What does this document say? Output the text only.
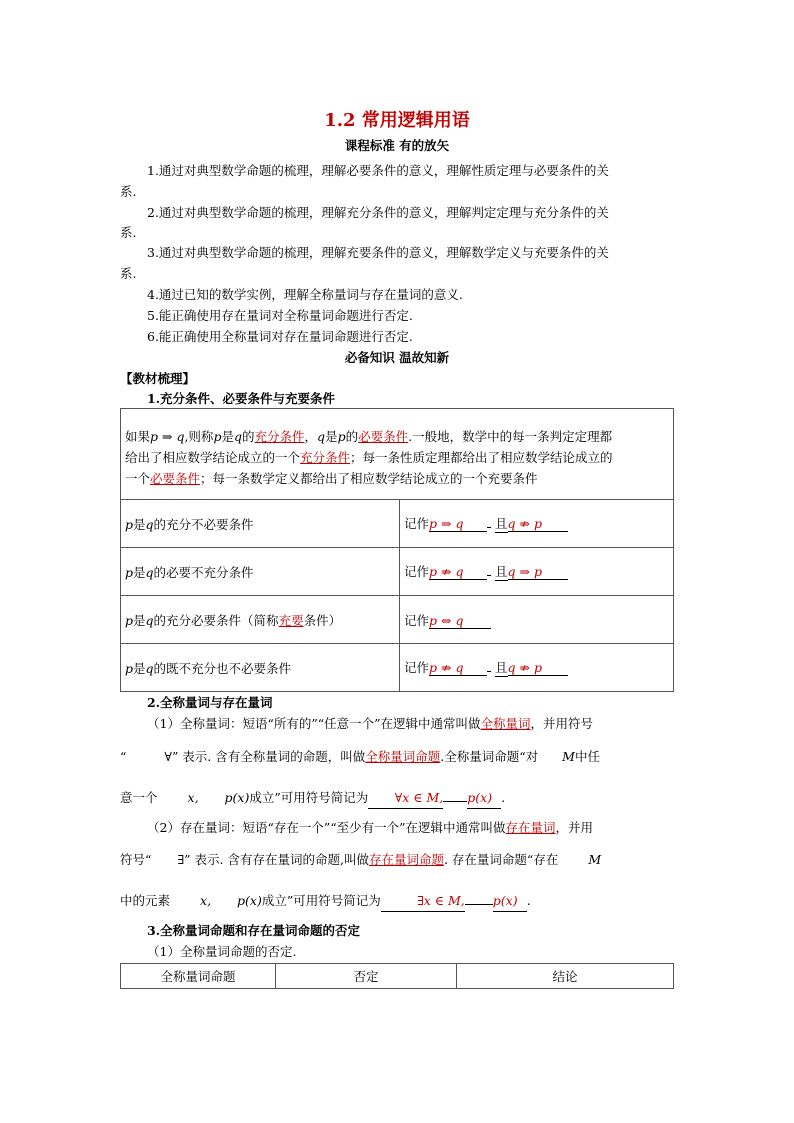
1.2 常用逻辑用语
课程标准 有的放矢
1.通过对典型数学命题的梳理，理解必要条件的意义，理解性质定理与必要条件的关
系.
2.通过对典型数学命题的梳理，理解充分条件的意义，理解判定定理与充分条件的关
系.
3.通过对典型数学命题的梳理，理解充要条件的意义，理解数学定义与充要条件的关
系.
4.通过已知的数学实例，理解全称量词与存在量词的意义.
5.能正确使用存在量词对全称量词命题进行否定.
6.能正确使用全称量词对存在量词命题进行否定.
必备知识 温故知新
【教材梳理】
1.充分条件、必要条件与充要条件
如果p ⇒ q,则称p是q的充分条件，q是p的必要条件.一般地，数学中的每一条判定定理都
给出了相应数学结论成立的一个充分条件；每一条性质定理都给出了相应数学结论成立的
一个必要条件；每一条数学定义都给出了相应数学结论成立的一个充要条件	

p是q的充分不必要条件	记作p ⇒ q 且q ⇏ p
p是q的必要不充分条件	记作p ⇏ q 且q ⇒ p
p是q的充分必要条件（简称充要条件）	记作p ⇔ q
p是q的既不充分也不必要条件	记作p ⇏ q 且q ⇏ p
2.全称量词与存在量词
（1）全称量词：短语“所有的”“任意一个”在逻辑中通常叫做全称量词，并用符号
“	∀” 表示. 含有全称量词的命题，叫做全称量词命题.全称量词命题“对 M中任
意一个 x, p(x)成立”可用符号简记为 ∀x ∈ M, p(x) .
（2）存在量词：短语“存在一个”“至少有一个”在逻辑中通常叫做存在量词，并用
符号“ ∃” 表示. 含有存在量词的命题,叫做存在量词命题. 存在量词命题“存在 M
中的元素 x, p(x)成立”可用符号简记为	∃x ∈ M, p(x) .
3.全称量词命题和存在量词命题的否定
（1）全称量词命题的否定.
全称量词命题	否定	结论
